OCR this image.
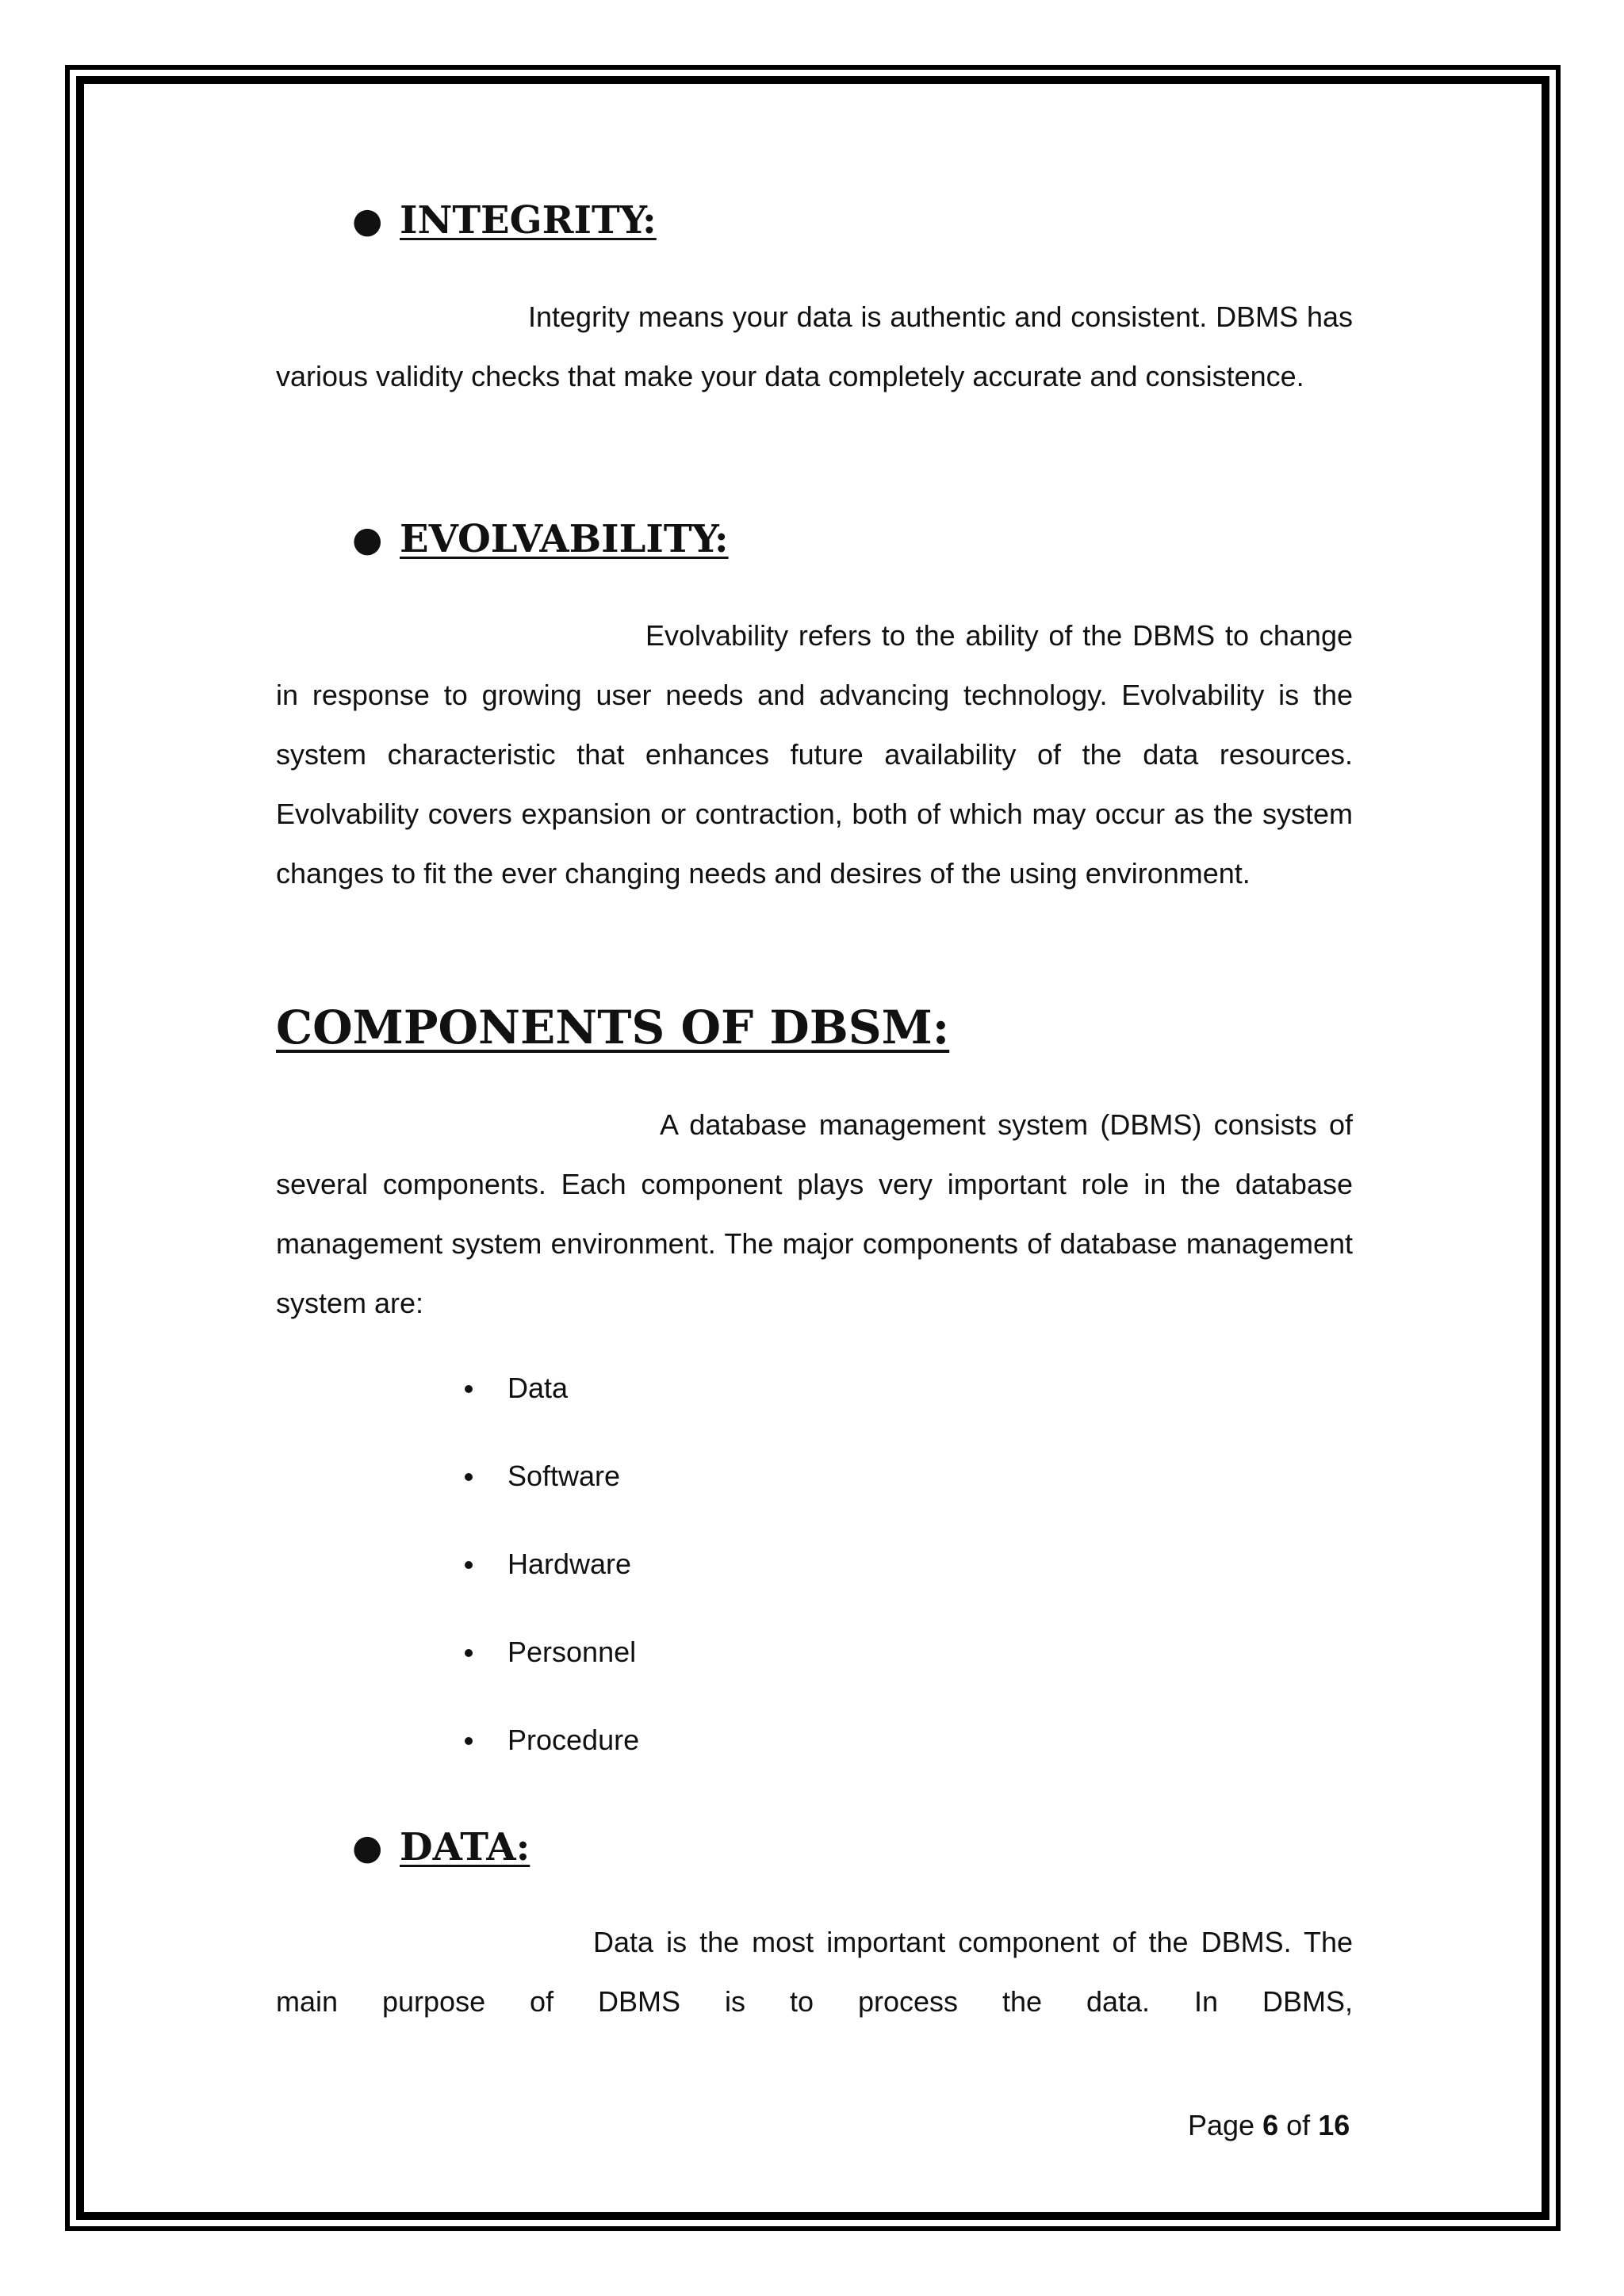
● INTEGRITY:
Integrity means your data is authentic and consistent. DBMS has various validity checks that make your data completely accurate and consistence.
● EVOLVABILITY:
Evolvability refers to the ability of the DBMS to change in response to growing user needs and advancing technology. Evolvability is the system characteristic that enhances future availability of the data resources. Evolvability covers expansion or contraction, both of which may occur as the system changes to fit the ever changing needs and desires of the using environment.
COMPONENTS OF DBSM:
A database management system (DBMS) consists of several components. Each component plays very important role in the database management system environment. The major components of database management system are:
Data
Software
Hardware
Personnel
Procedure
● DATA:
Data is the most important component of the DBMS. The main purpose of DBMS is to process the data. In DBMS,
Page 6 of 16
